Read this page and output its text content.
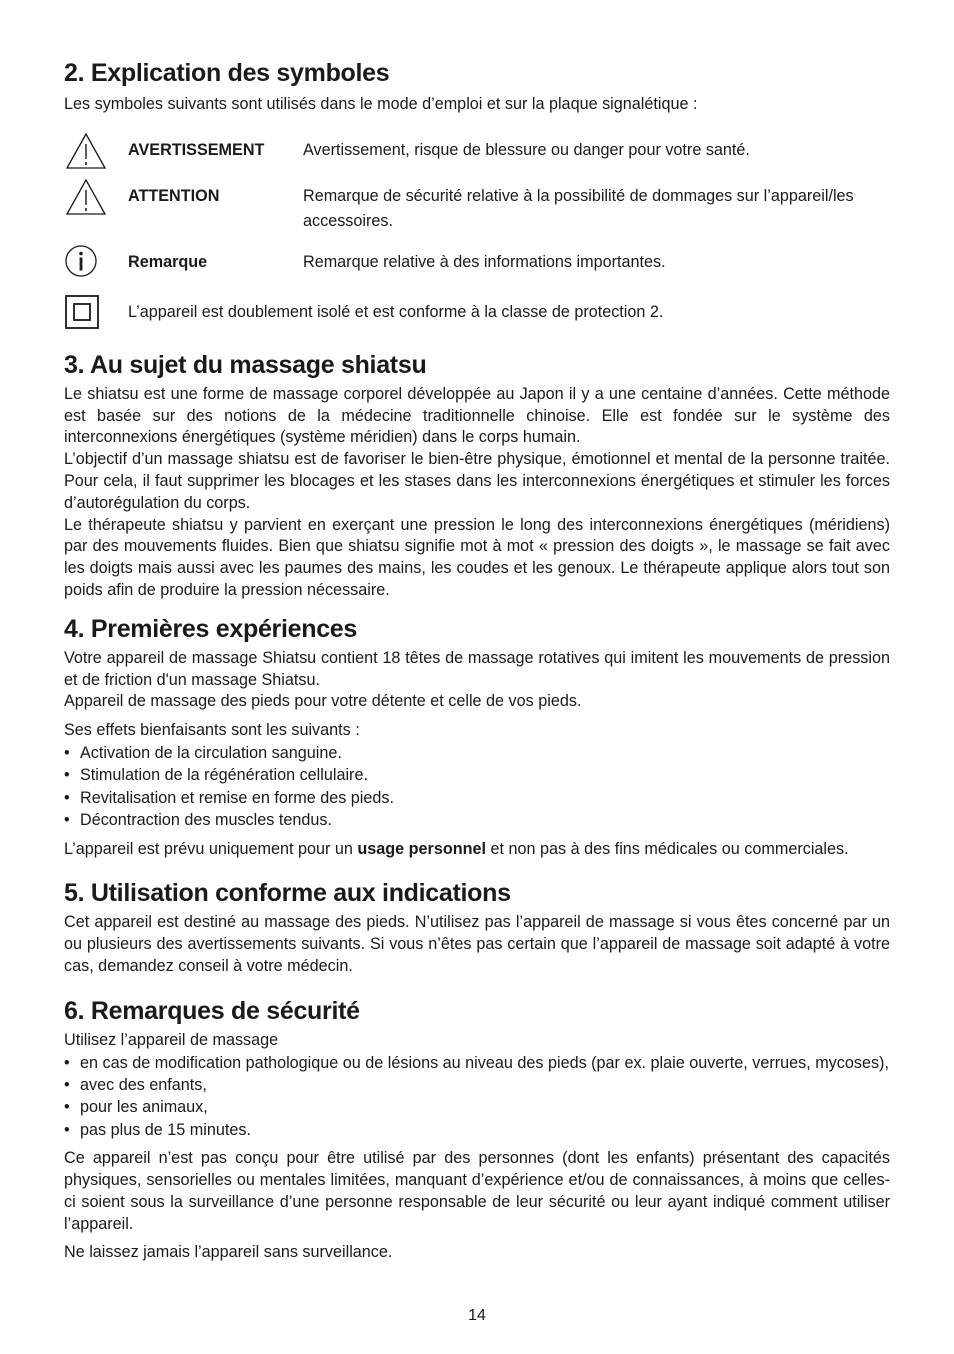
2. Explication des symboles

Les symboles suivants sont utilisés dans le mode d’emploi et sur la plaque signalétique :

AVERTISSEMENT	Avertissement, risque de blessure ou danger pour votre santé.
ATTENTION	Remarque de sécurité relative à la possibilité de dommages sur l’appareil/les accessoires.
Remarque	Remarque relative à des informations importantes.
L’appareil est doublement isolé et est conforme à la classe de protection 2.
3. Au sujet du massage shiatsu

Le shiatsu est une forme de massage corporel développée au Japon il y a une centaine d’années. Cette méthode est basée sur des notions de la médecine traditionnelle chinoise. Elle est fondée sur le système des interconnexions énergétiques (système méridien) dans le corps humain.

L’objectif d’un massage shiatsu est de favoriser le bien-être physique, émotionnel et mental de la personne traitée. Pour cela, il faut supprimer les blocages et les stases dans les interconnexions énergétiques et stimuler les forces d’autorégulation du corps.

Le thérapeute shiatsu y parvient en exerçant une pression le long des interconnexions énergétiques (méridiens) par des mouvements fluides. Bien que shiatsu signifie mot à mot « pression des doigts », le massage se fait avec les doigts mais aussi avec les paumes des mains, les coudes et les genoux. Le thérapeute applique alors tout son poids afin de produire la pression nécessaire.

4. Premières expériences

Votre appareil de massage Shiatsu contient 18 têtes de massage rotatives qui imitent les mouvements de pression et de friction d'un massage Shiatsu.

Appareil de massage des pieds pour votre détente et celle de vos pieds.

Ses effets bienfaisants sont les suivants :

• Activation de la circulation sanguine.
• Stimulation de la régénération cellulaire.
• Revitalisation et remise en forme des pieds.
• Décontraction des muscles tendus.

L’appareil est prévu uniquement pour un usage personnel et non pas à des fins médicales ou commerciales.

5. Utilisation conforme aux indications

Cet appareil est destiné au massage des pieds. N’utilisez pas l’appareil de massage si vous êtes concerné par un ou plusieurs des avertissements suivants. Si vous n’êtes pas certain que l’appareil de massage soit adapté à votre cas, demandez conseil à votre médecin.

6. Remarques de sécurité

Utilisez l’appareil de massage

• en cas de modification pathologique ou de lésions au niveau des pieds (par ex. plaie ouverte, verrues, mycoses),
• avec des enfants,
• pour les animaux,
• pas plus de 15 minutes.

Ce appareil n’est pas conçu pour être utilisé par des personnes (dont les enfants) présentant des capacités physiques, sensorielles ou mentales limitées, manquant d’expérience et/ou de connaissances, à moins que celles-ci soient sous la surveillance d’une personne responsable de leur sécurité ou leur ayant indiqué comment utiliser l’appareil.

Ne laissez jamais l’appareil sans surveillance.

14
